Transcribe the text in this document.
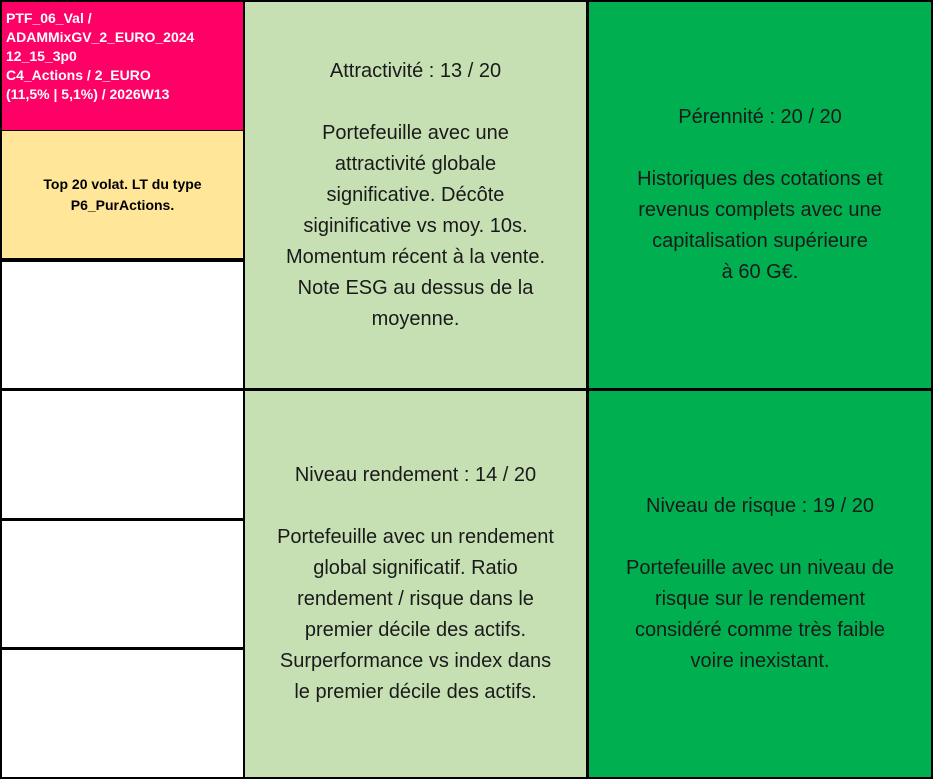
PTF_06_Val /
ADAMMixGV_2_EURO_2024
12_15_3p0
C4_Actions / 2_EURO
(11,5% | 5,1%) / 2026W13
Top 20 volat. LT du type P6_PurActions.
Attractivité : 13 / 20
Portefeuille avec une
attractivité globale
significative. Décôte
siginificative vs moy. 10s.
Momentum récent à la vente.
Note ESG au dessus de la
moyenne.
Pérennité : 20 / 20
Historiques des cotations et
revenus complets avec une
capitalisation supérieure
à 60 G€.
Niveau rendement : 14 / 20
Portefeuille avec un rendement
global significatif. Ratio
rendement / risque dans le
premier décile des actifs.
Surperformance vs index dans
le premier décile des actifs.
Niveau de risque : 19 / 20
Portefeuille avec un niveau de
risque sur le rendement
considéré comme très faible
voire inexistant.
